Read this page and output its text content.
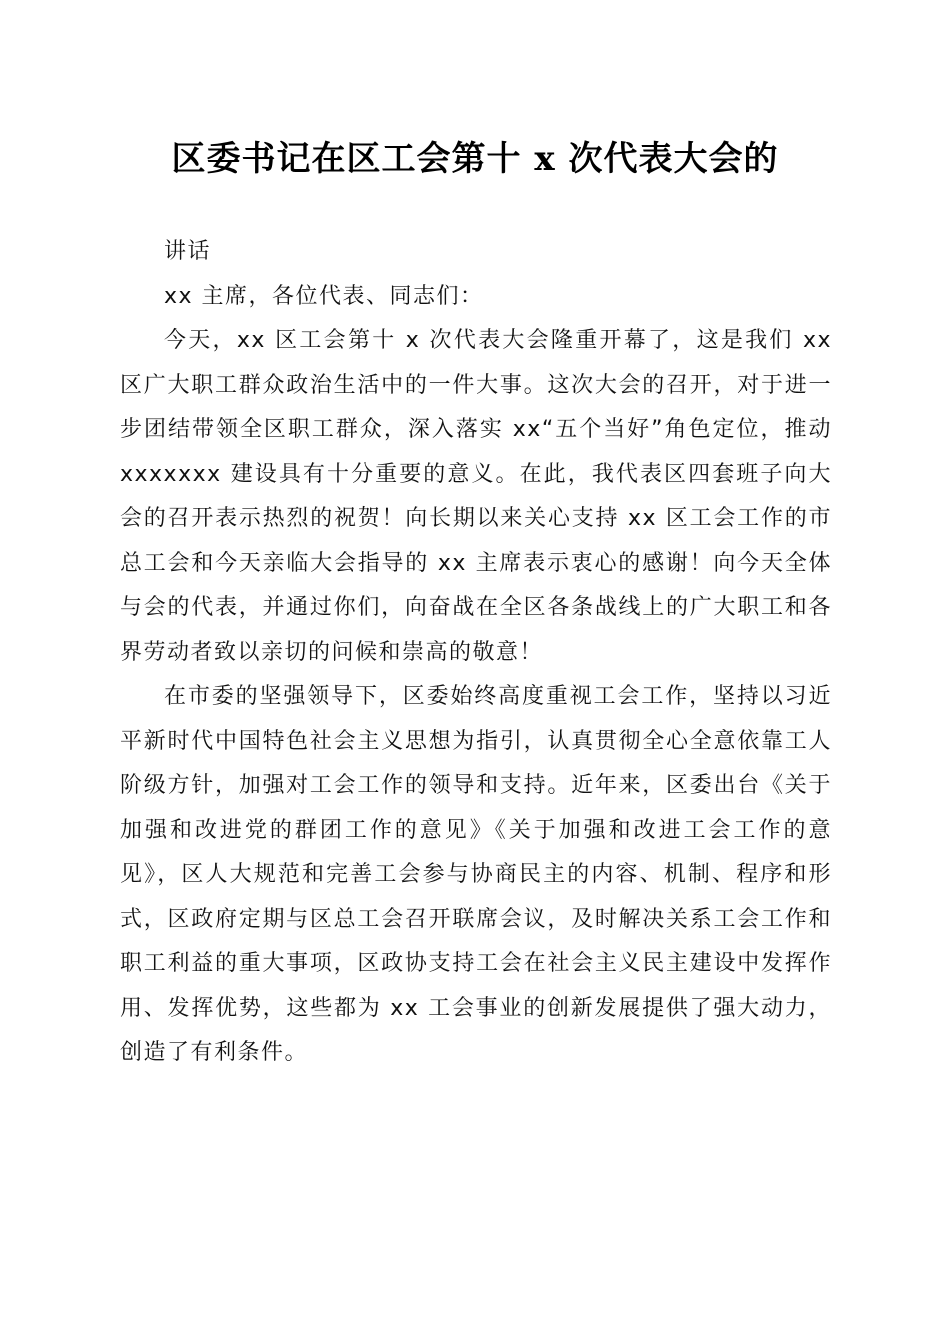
区委书记在区工会第十 x 次代表大会的

讲话

xx 主席，各位代表、同志们：

今天，xx 区工会第十 x 次代表大会隆重开幕了，这是我们 xx 区广大职工群众政治生活中的一件大事。这次大会的召开，对于进一步团结带领全区职工群众，深入落实 xx“五个当好”角色定位，推动 xxxxxxx 建设具有十分重要的意义。在此，我代表区四套班子向大会的召开表示热烈的祝贺！向长期以来关心支持 xx 区工会工作的市总工会和今天亲临大会指导的 xx 主席表示衷心的感谢！向今天全体与会的代表，并通过你们，向奋战在全区各条战线上的广大职工和各界劳动者致以亲切的问候和崇高的敬意！

在市委的坚强领导下，区委始终高度重视工会工作，坚持以习近平新时代中国特色社会主义思想为指引，认真贯彻全心全意依靠工人阶级方针，加强对工会工作的领导和支持。近年来，区委出台《关于加强和改进党的群团工作的意见》《关于加强和改进工会工作的意见》，区人大规范和完善工会参与协商民主的内容、机制、程序和形式，区政府定期与区总工会召开联席会议，及时解决关系工会工作和职工利益的重大事项，区政协支持工会在社会主义民主建设中发挥作用、发挥优势，这些都为 xx 工会事业的创新发展提供了强大动力，创造了有利条件。
